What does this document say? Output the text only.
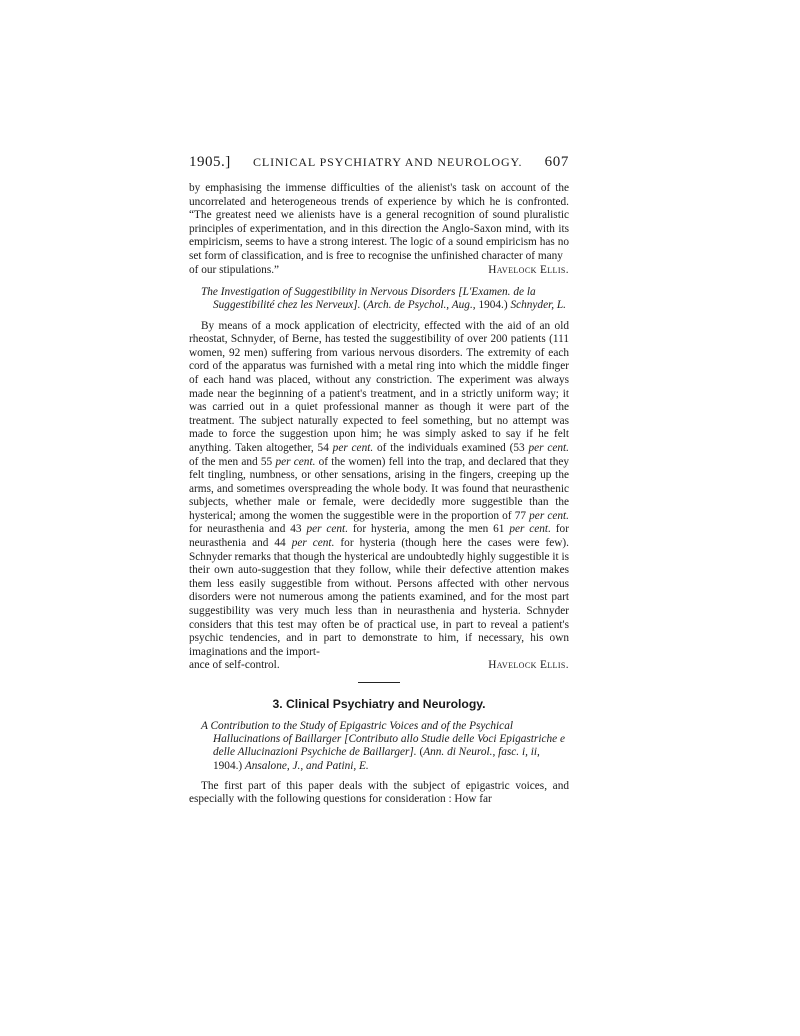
1905.] CLINICAL PSYCHIATRY AND NEUROLOGY. 607

by emphasising the immense difficulties of the alienist's task on account of the uncorrelated and heterogeneous trends of experience by which he is confronted. “The greatest need we alienists have is a general recognition of sound pluralistic principles of experimentation, and in this direction the Anglo-Saxon mind, with its empiricism, seems to have a strong interest. The logic of a sound empiricism has no set form of classification, and is free to recognise the unfinished character of many

of our stipulations.”	Havelock Ellis.

The Investigation of Suggestibility in Nervous Disorders [L'Examen. de la Suggestibilité chez les Nerveux]. (Arch. de Psychol., Aug., 1904.) Schnyder, L.

By means of a mock application of electricity, effected with the aid of an old rheostat, Schnyder, of Berne, has tested the suggestibility of over 200 patients (111 women, 92 men) suffering from various nervous disorders. The extremity of each cord of the apparatus was furnished with a metal ring into which the middle finger of each hand was placed, without any constriction. The experiment was always made near the beginning of a patient's treatment, and in a strictly uniform way; it was carried out in a quiet professional manner as though it were part of the treatment. The subject naturally expected to feel something, but no attempt was made to force the suggestion upon him; he was simply asked to say if he felt anything. Taken altogether, 54 per cent. of the individuals examined (53 per cent. of the men and 55 per cent. of the women) fell into the trap, and declared that they felt tingling, numbness, or other sensations, arising in the fingers, creeping up the arms, and sometimes overspreading the whole body. It was found that neurasthenic subjects, whether male or female, were decidedly more suggestible than the hysterical; among the women the suggestible were in the proportion of 77 per cent. for neurasthenia and 43 per cent. for hysteria, among the men 61 per cent. for neurasthenia and 44 per cent. for hysteria (though here the cases were few). Schnyder remarks that though the hysterical are undoubtedly highly suggestible it is their own auto-suggestion that they follow, while their defective attention makes them less easily suggestible from without. Persons affected with other nervous disorders were not numerous among the patients examined, and for the most part suggestibility was very much less than in neurasthenia and hysteria. Schnyder considers that this test may often be of practical use, in part to reveal a patient's psychic tendencies, and in part to demonstrate to him, if necessary, his own imaginations and the import-

ance of self-control.	Havelock Ellis.
3. Clinical Psychiatry and Neurology.

A Contribution to the Study of Epigastric Voices and of the Psychical Hallucinations of Baillarger [Contributo allo Studie delle Voci Epigastriche e delle Allucinazioni Psychiche de Baillarger]. (Ann. di Neurol., fasc. i, ii, 1904.) Ansalone, J., and Patini, E.

The first part of this paper deals with the subject of epigastric voices, and especially with the following questions for consideration : How far
